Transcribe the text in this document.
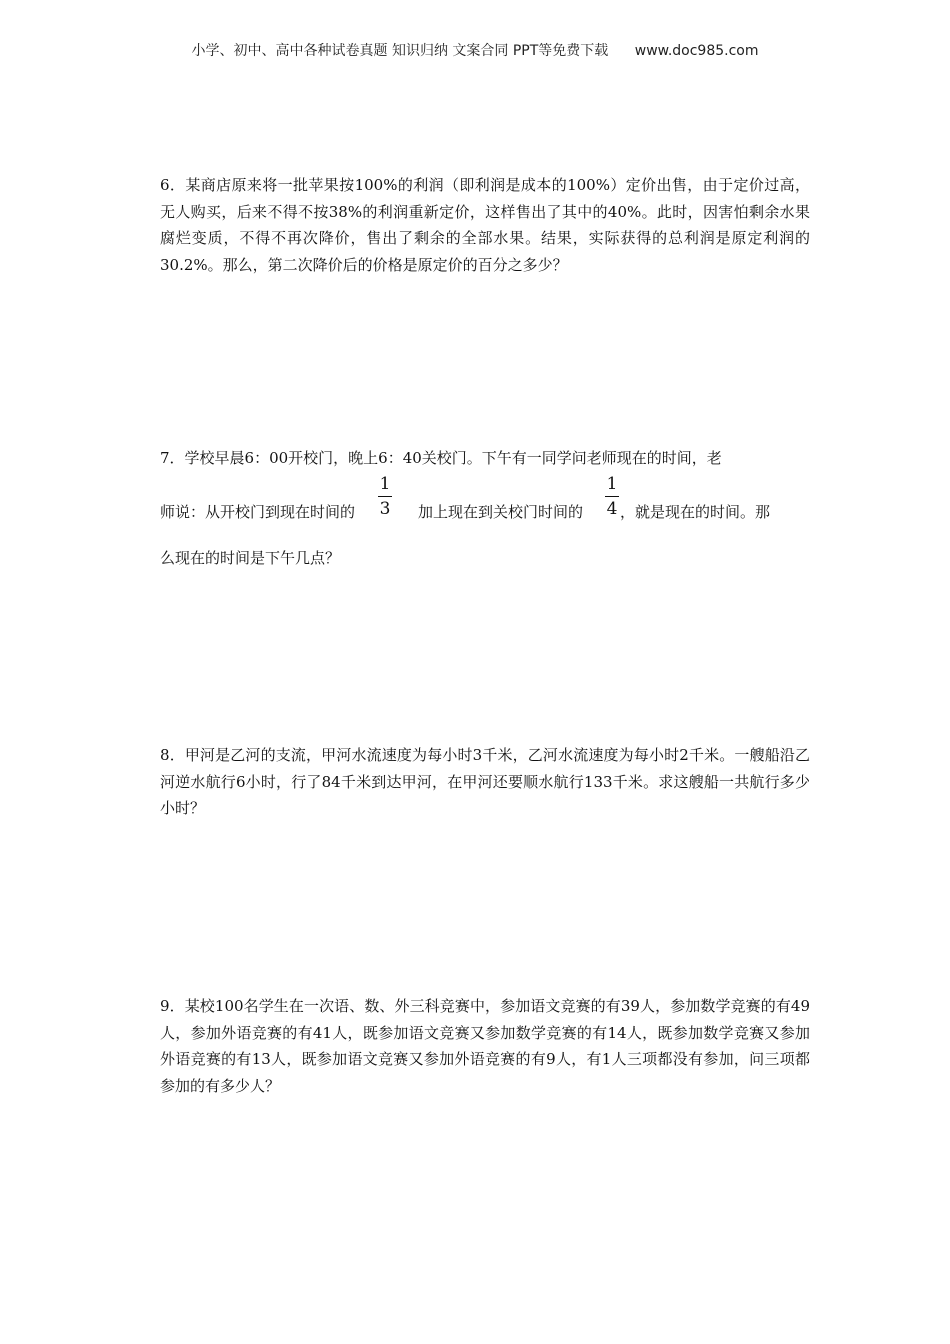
小学、初中、高中各种试卷真题 知识归纳 文案合同 PPT等免费下载 www.doc985.com
6．某商店原来将一批苹果按100%的利润（即利润是成本的100%）定价出售，由于定价过高，无人购买，后来不得不按38%的利润重新定价，这样售出了其中的40%。此时，因害怕剩余水果腐烂变质，不得不再次降价，售出了剩余的全部水果。结果，实际获得的总利润是原定利润的30.2%。那么，第二次降价后的价格是原定价的百分之多少？
7．学校早晨6：00开校门，晚上6：40关校门。下午有一同学问老师现在的时间，老
1
3
1
4
师说：从开校门到现在时间的	加上现在到关校门时间的 ，就是现在的时间。那
么现在的时间是下午几点？
8．甲河是乙河的支流，甲河水流速度为每小时3千米，乙河水流速度为每小时2千米。一艘船沿乙河逆水航行6小时，行了84千米到达甲河，在甲河还要顺水航行133千米。求这艘船一共航行多少小时？
9．某校100名学生在一次语、数、外三科竞赛中，参加语文竞赛的有39人，参加数学竞赛的有49人，参加外语竞赛的有41人，既参加语文竞赛又参加数学竞赛的有14人，既参加数学竞赛又参加外语竞赛的有13人，既参加语文竞赛又参加外语竞赛的有9人，有1人三项都没有参加，问三项都参加的有多少人？
